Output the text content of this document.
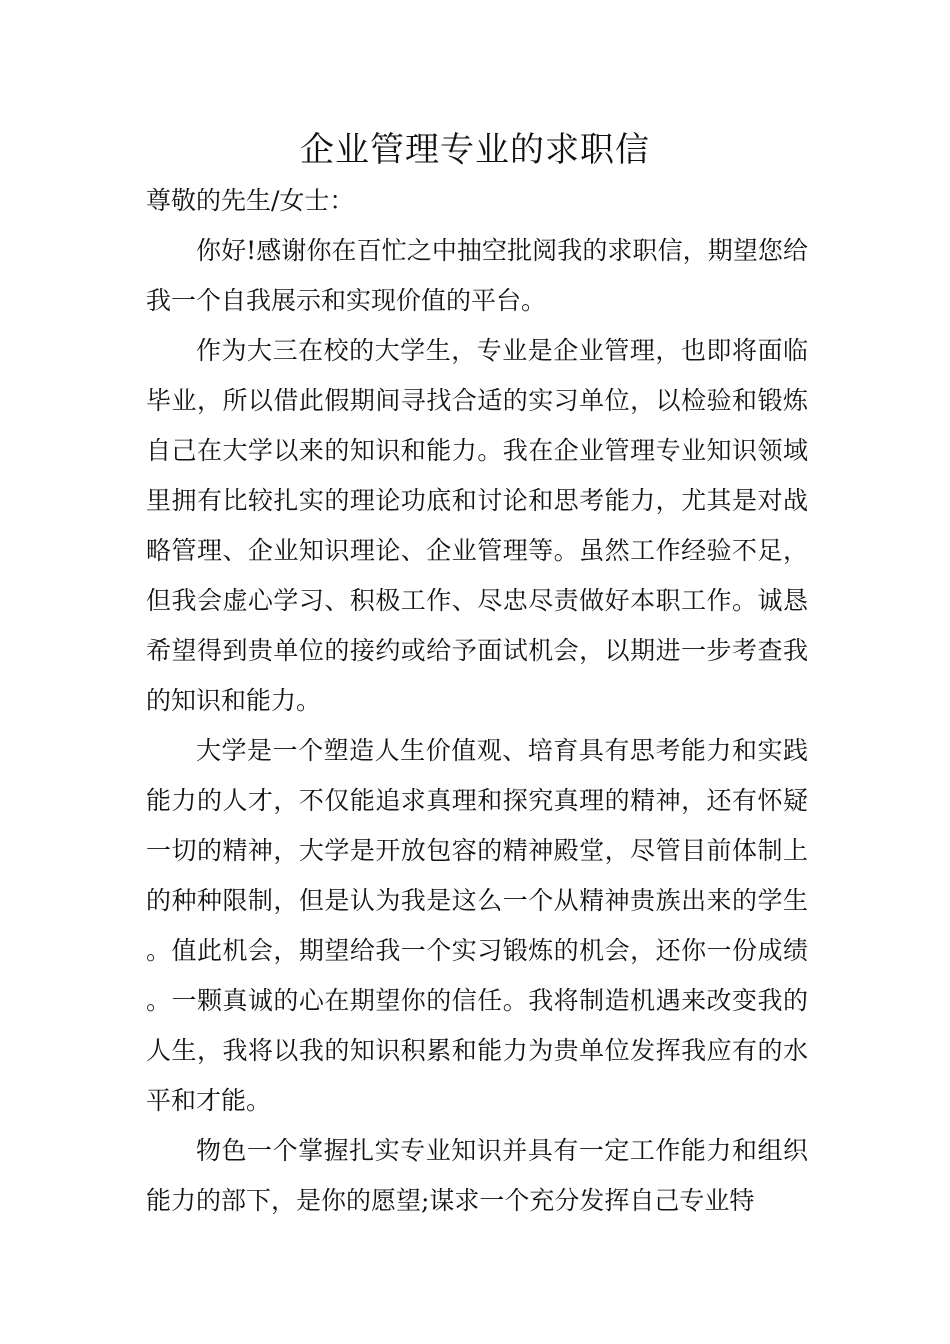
企业管理专业的求职信

尊敬的先生/女士：

你好!感谢你在百忙之中抽空批阅我的求职信，期望您给我一个自我展示和实现价值的平台。

作为大三在校的大学生，专业是企业管理，也即将面临毕业，所以借此假期间寻找合适的实习单位，以检验和锻炼自己在大学以来的知识和能力。我在企业管理专业知识领域里拥有比较扎实的理论功底和讨论和思考能力，尤其是对战略管理、企业知识理论、企业管理等。虽然工作经验不足，但我会虚心学习、积极工作、尽忠尽责做好本职工作。诚恳希望得到贵单位的接约或给予面试机会，以期进一步考查我的知识和能力。

大学是一个塑造人生价值观、培育具有思考能力和实践能力的人才，不仅能追求真理和探究真理的精神，还有怀疑一切的精神，大学是开放包容的精神殿堂，尽管目前体制上的种种限制，但是认为我是这么一个从精神贵族出来的学生。值此机会，期望给我一个实习锻炼的机会，还你一份成绩。一颗真诚的心在期望你的信任。我将制造机遇来改变我的人生，我将以我的知识积累和能力为贵单位发挥我应有的水平和才能。

物色一个掌握扎实专业知识并具有一定工作能力和组织能力的部下，是你的愿望;谋求一个充分发挥自己专业特
